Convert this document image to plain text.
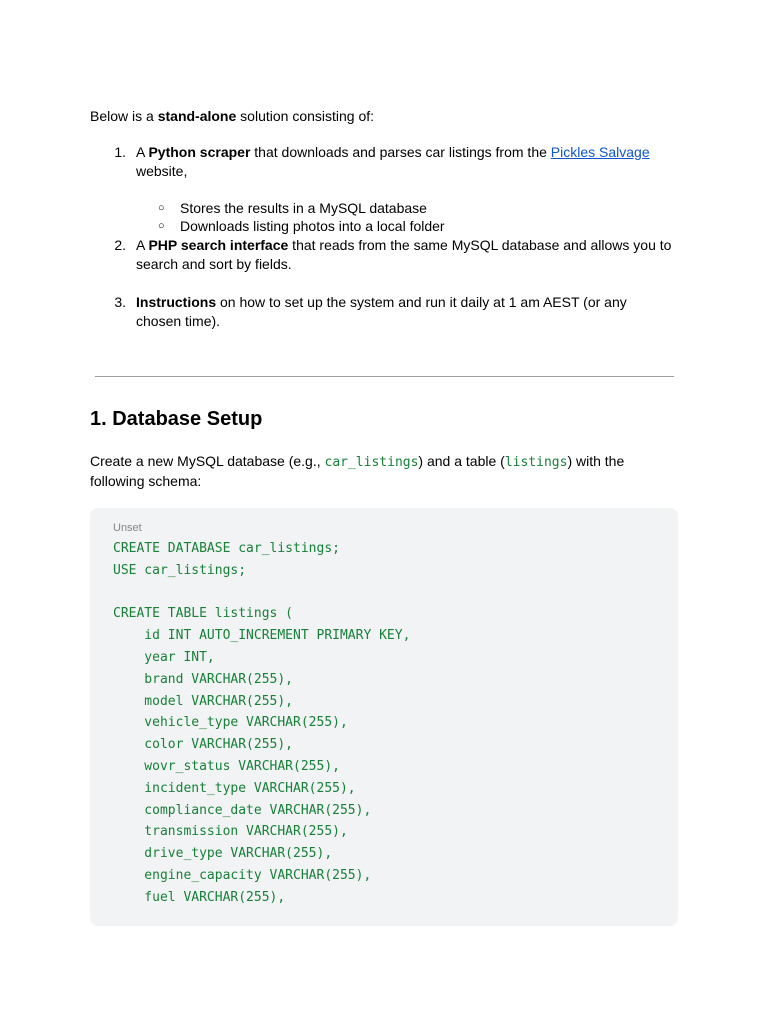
Below is a stand-alone solution consisting of:

1. A Python scraper that downloads and parses car listings from the Pickles Salvage
website,
○ Stores the results in a MySQL database
○ Downloads listing photos into a local folder
2. A PHP search interface that reads from the same MySQL database and allows you to search and sort by fields.
3. Instructions on how to set up the system and run it daily at 1 am AEST (or any chosen time).
1. Database Setup

Create a new MySQL database (e.g., car_listings) and a table (listings) with the following schema:

Unset
CREATE DATABASE car_listings;
USE car_listings;

CREATE TABLE listings (
id INT AUTO_INCREMENT PRIMARY KEY,
year INT,
brand VARCHAR(255),
model VARCHAR(255),
vehicle_type VARCHAR(255),
color VARCHAR(255),
wovr_status VARCHAR(255),
incident_type VARCHAR(255),
compliance_date VARCHAR(255),
transmission VARCHAR(255),
drive_type VARCHAR(255),
engine_capacity VARCHAR(255),
fuel VARCHAR(255),
